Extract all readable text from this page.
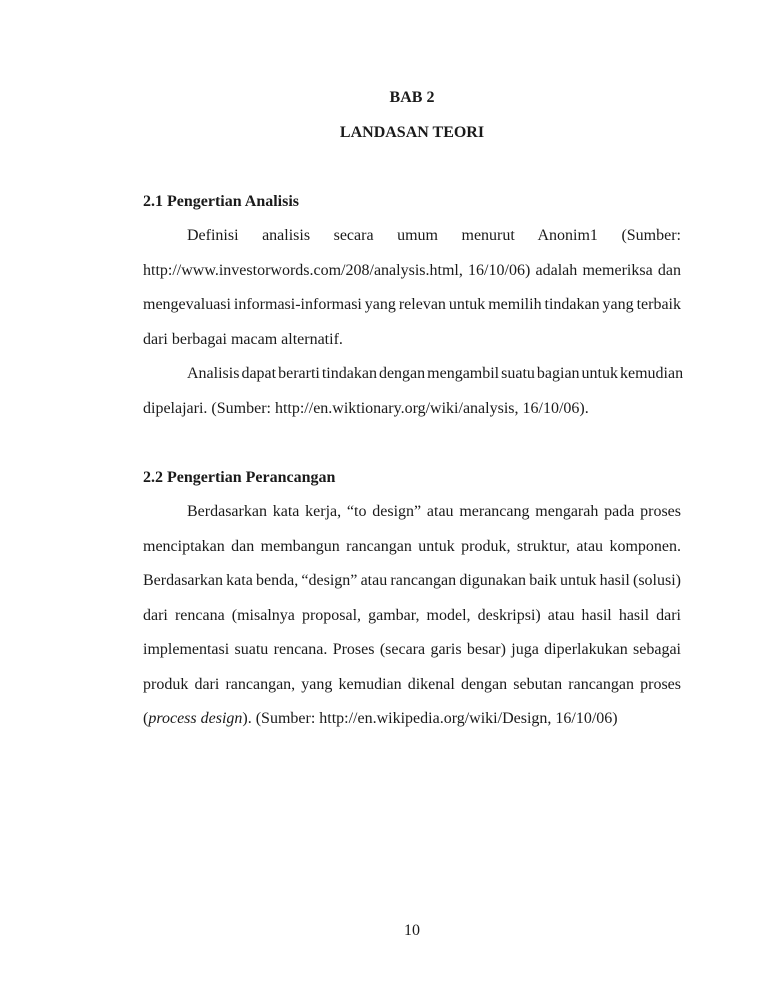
BAB 2
LANDASAN TEORI
2.1 Pengertian Analisis
Definisi analisis secara umum menurut Anonim1 (Sumber:
http://www.investorwords.com/208/analysis.html, 16/10/06) adalah memeriksa dan
mengevaluasi informasi-informasi yang relevan untuk memilih tindakan yang terbaik
dari berbagai macam alternatif.
Analisis dapat berarti tindakan dengan mengambil suatu bagian untuk kemudian
dipelajari. (Sumber: http://en.wiktionary.org/wiki/analysis, 16/10/06).
2.2 Pengertian Perancangan
Berdasarkan kata kerja, “to design” atau merancang mengarah pada proses
menciptakan dan membangun rancangan untuk produk, struktur, atau komponen.
Berdasarkan kata benda, “design” atau rancangan digunakan baik untuk hasil (solusi)
dari rencana (misalnya proposal, gambar, model, deskripsi) atau hasil hasil dari
implementasi suatu rencana. Proses (secara garis besar) juga diperlakukan sebagai
produk dari rancangan, yang kemudian dikenal dengan sebutan rancangan proses
(process design). (Sumber: http://en.wikipedia.org/wiki/Design, 16/10/06)
10
